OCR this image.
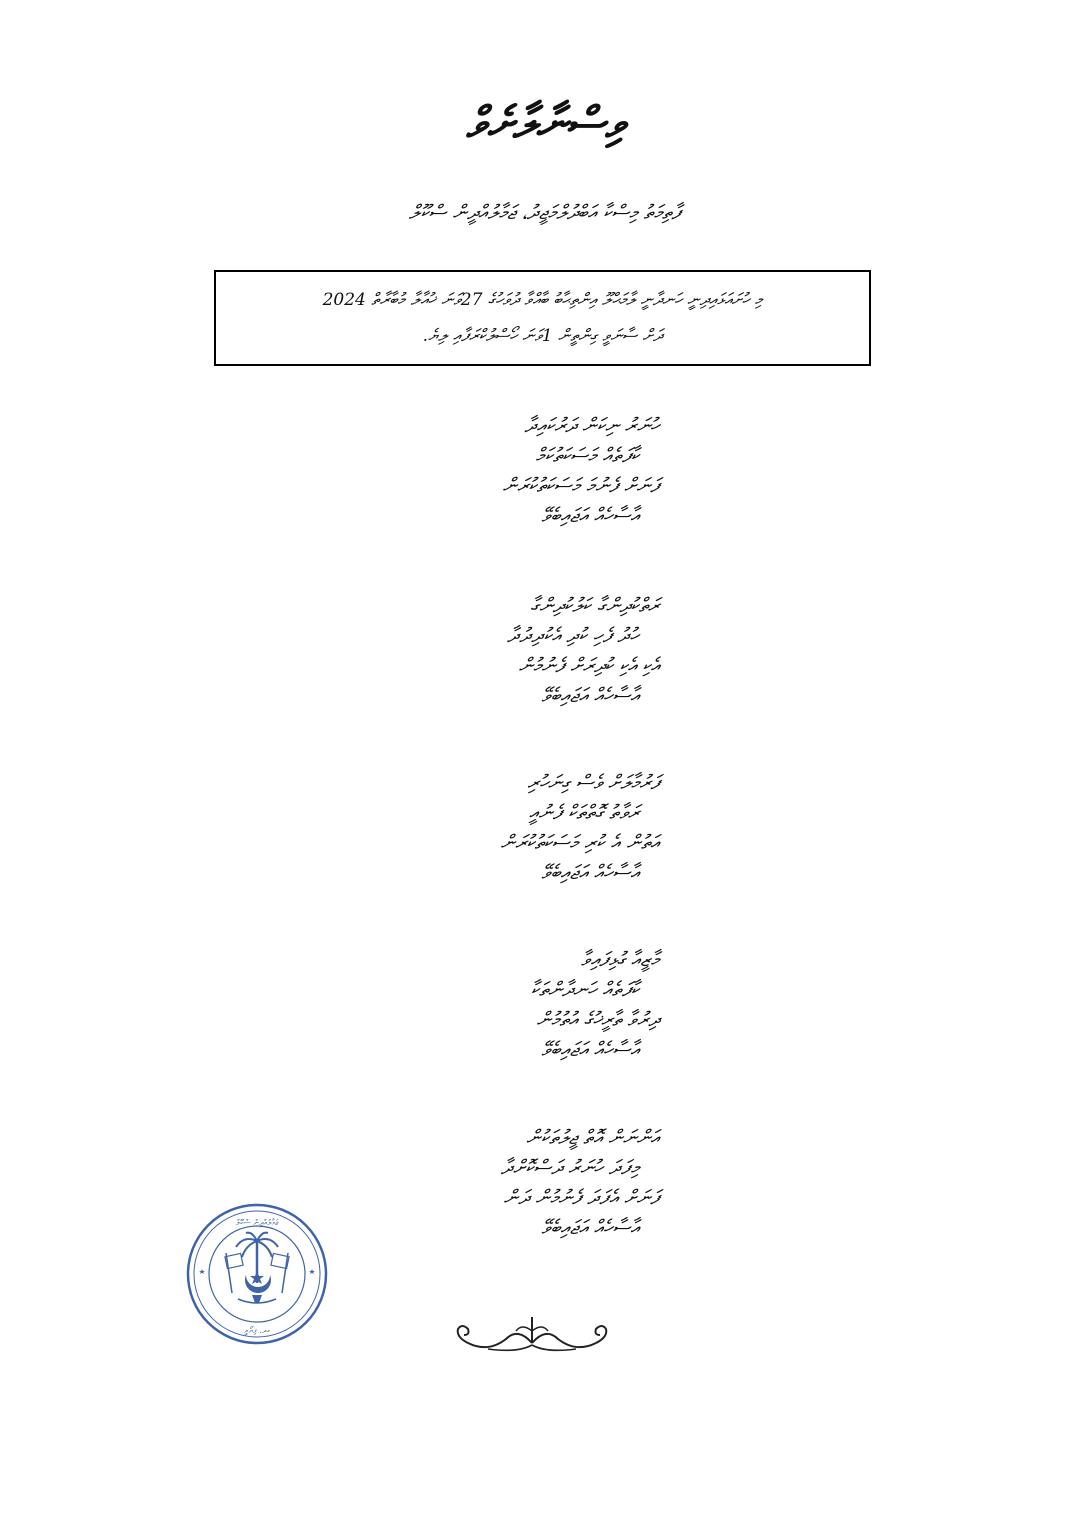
ވިސްނާލާށެވް
ފާތިމަތު މިސްކާ އަބްދުލްމަޖީދު، ޖަމާލުއްދީން ސްކޫލް
މި ހުށައަޅައިދިނީ ހަނދާނީ ލާމަޙްލޫ އިންތިޙާބު ބާއްވާ ދުވަހުގެ 27ވަނަ ޚުއާލާ މުބާރާތް 2024
ދަށް ސާނަވީ ގިންތީން 1ވަނަ ހޯސްލުކްރަފާއި ލިޔެ.
ހުނަރު ނިކަން ދަރުކައިދާ
ކާފަތެއް މަސަކަތުކަމް
ފަނަށް ފެނުމަ މަސަކަތުކުރަން
އާސާހެއް އަޖައިބެވޭ
ރަތްކުދިންގާ ކަލުކުދިންގާ
ހުދު ފެހި ކުދި އެކުދިދުދާ
އެކި އެކި ކުދިރަށް ފެނުމުން
އާސާހެއް އަޖައިބެވޭ
ފަރުމާލަށް ވެސް ގިނަހުރި
ރަވާތު ގޮތްތަކް ފެނުއީ
އަތުން އެ ކުރި މަސަކަތުކުރަން
އާސާހެއް އަޖައިބެވޭ
މާޒީއާ ގުޅިފައިވާ
ކާފަތެއް ހަނދާންތަކާ
ދިރުވާ ތާރީޚުގެ އުތުމުން
އާސާހެއް އަޖައިބެވޭ
އަންނަން އޮތް ޖީލުތަކުން
މިފަދަ ހުނަރު ދަސްކޮށްދާ
ފަނަށް އެފަދަ ފެނުމުން ދަން
އާސާހެއް އަޖައިބެވޭ
ޖަމާލުއްދީން ސްކޫލް
ގދ. ފިޔޯރީ
